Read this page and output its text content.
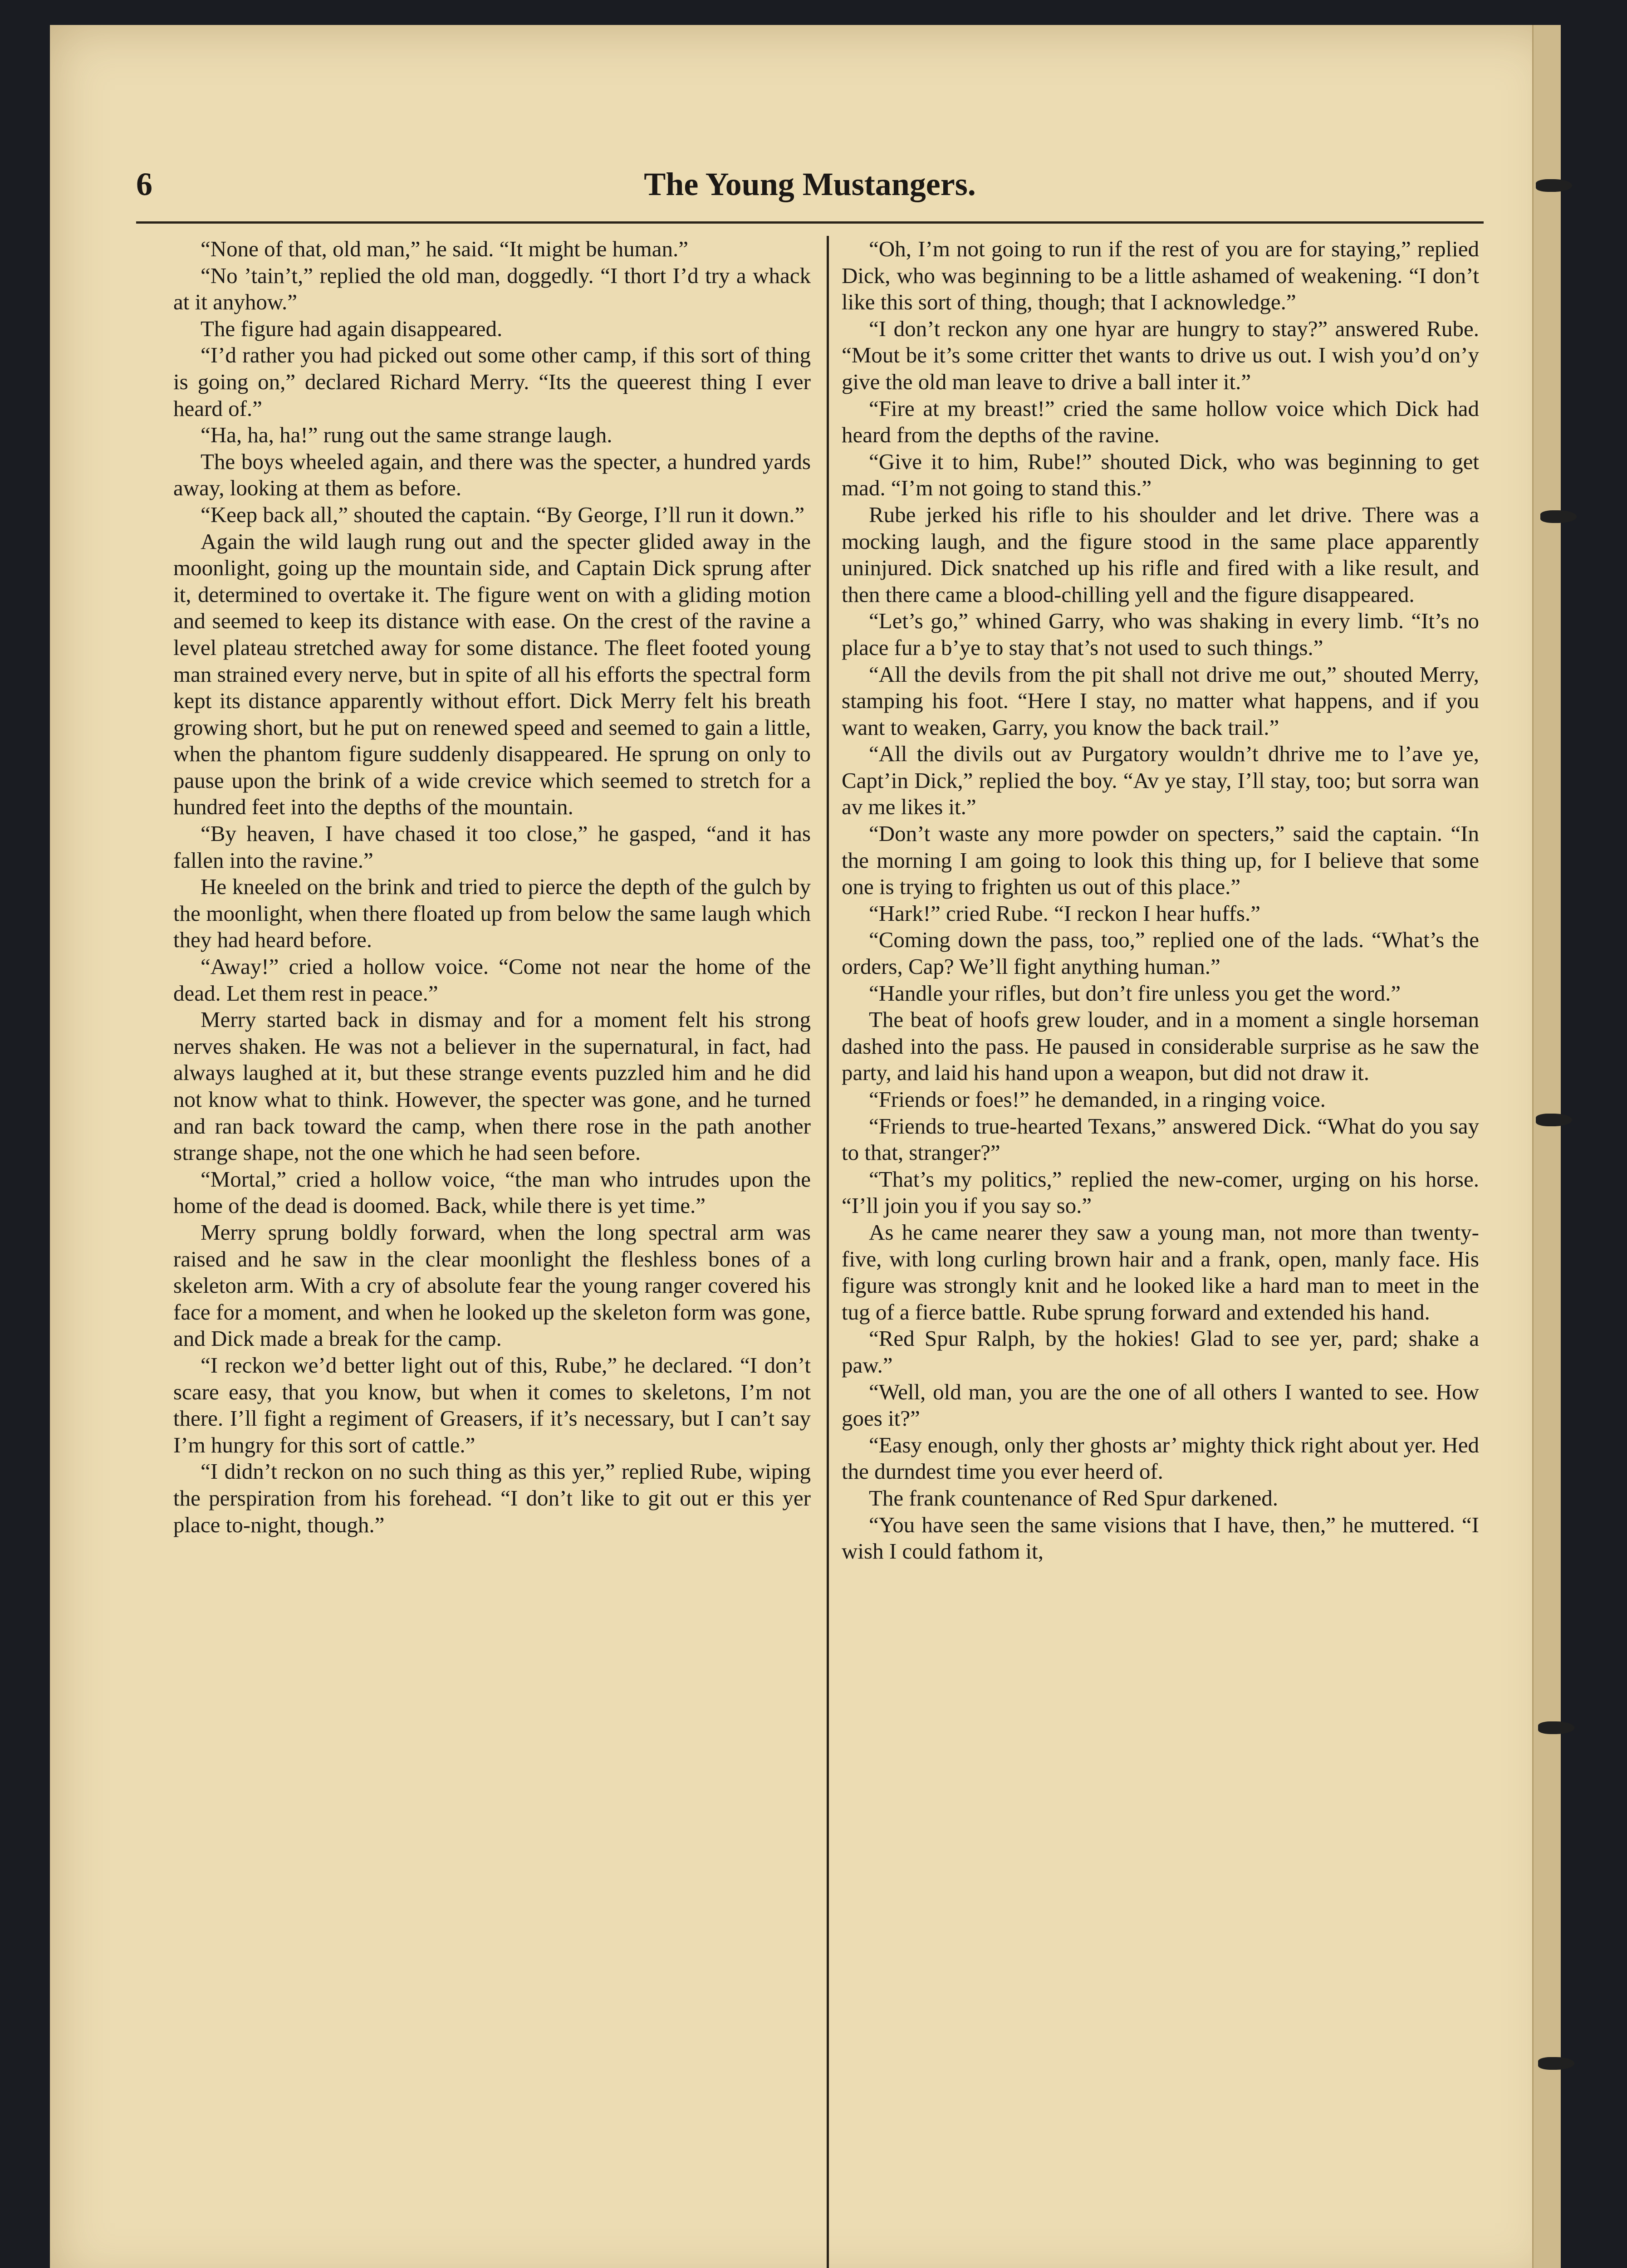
6	The Young Mustangers.

“None of that, old man,” he said. “It might be human.”

“No ’tain’t,” replied the old man, doggedly. “I thort I’d try a whack at it anyhow.”

The figure had again disappeared.

“I’d rather you had picked out some other camp, if this sort of thing is going on,” declared Richard Merry. “Its the queerest thing I ever heard of.”

“Ha, ha, ha!” rung out the same strange laugh.

The boys wheeled again, and there was the specter, a hundred yards away, looking at them as before.

“Keep back all,” shouted the captain. “By George, I’ll run it down.”

Again the wild laugh rung out and the specter glided away in the moonlight, going up the mountain side, and Captain Dick sprung after it, determined to overtake it. The figure went on with a gliding motion and seemed to keep its distance with ease. On the crest of the ravine a level plateau stretched away for some distance. The fleet footed young man strained every nerve, but in spite of all his efforts the spectral form kept its distance apparently without effort. Dick Merry felt his breath growing short, but he put on renewed speed and seemed to gain a little, when the phantom figure suddenly disappeared. He sprung on only to pause upon the brink of a wide crevice which seemed to stretch for a hundred feet into the depths of the mountain.

“By heaven, I have chased it too close,” he gasped, “and it has fallen into the ravine.”

He kneeled on the brink and tried to pierce the depth of the gulch by the moonlight, when there floated up from below the same laugh which they had heard before.

“Away!” cried a hollow voice. “Come not near the home of the dead. Let them rest in peace.”

Merry started back in dismay and for a moment felt his strong nerves shaken. He was not a believer in the supernatural, in fact, had always laughed at it, but these strange events puzzled him and he did not know what to think. However, the specter was gone, and he turned and ran back toward the camp, when there rose in the path another strange shape, not the one which he had seen before.

“Mortal,” cried a hollow voice, “the man who intrudes upon the home of the dead is doomed. Back, while there is yet time.”

Merry sprung boldly forward, when the long spectral arm was raised and he saw in the clear moonlight the fleshless bones of a skeleton arm. With a cry of absolute fear the young ranger covered his face for a moment, and when he looked up the skeleton form was gone, and Dick made a break for the camp.

“I reckon we’d better light out of this, Rube,” he declared. “I don’t scare easy, that you know, but when it comes to skeletons, I’m not there. I’ll fight a regiment of Greasers, if it’s necessary, but I can’t say I’m hungry for this sort of cattle.”

“I didn’t reckon on no such thing as this yer,” replied Rube, wiping the perspiration from his forehead. “I don’t like to git out er this yer place to-night, though.”

“Oh, I’m not going to run if the rest of you are for staying,” replied Dick, who was beginning to be a little ashamed of weakening. “I don’t like this sort of thing, though; that I acknowledge.”

“I don’t reckon any one hyar are hungry to stay?” answered Rube. “Mout be it’s some critter thet wants to drive us out. I wish you’d on’y give the old man leave to drive a ball inter it.”

“Fire at my breast!” cried the same hollow voice which Dick had heard from the depths of the ravine.

“Give it to him, Rube!” shouted Dick, who was beginning to get mad. “I’m not going to stand this.”

Rube jerked his rifle to his shoulder and let drive. There was a mocking laugh, and the figure stood in the same place apparently uninjured. Dick snatched up his rifle and fired with a like result, and then there came a blood-chilling yell and the figure disappeared.

“Let’s go,” whined Garry, who was shaking in every limb. “It’s no place fur a b’ye to stay that’s not used to such things.”

“All the devils from the pit shall not drive me out,” shouted Merry, stamping his foot. “Here I stay, no matter what happens, and if you want to weaken, Garry, you know the back trail.”

“All the divils out av Purgatory wouldn’t dhrive me to l’ave ye, Capt’in Dick,” replied the boy. “Av ye stay, I’ll stay, too; but sorra wan av me likes it.”

“Don’t waste any more powder on specters,” said the captain. “In the morning I am going to look this thing up, for I believe that some one is trying to frighten us out of this place.”

“Hark!” cried Rube. “I reckon I hear huffs.”

“Coming down the pass, too,” replied one of the lads. “What’s the orders, Cap? We’ll fight anything human.”

“Handle your rifles, but don’t fire unless you get the word.”

The beat of hoofs grew louder, and in a moment a single horseman dashed into the pass. He paused in considerable surprise as he saw the party, and laid his hand upon a weapon, but did not draw it.

“Friends or foes!” he demanded, in a ringing voice.

“Friends to true-hearted Texans,” answered Dick. “What do you say to that, stranger?”

“That’s my politics,” replied the new-comer, urging on his horse. “I’ll join you if you say so.”

As he came nearer they saw a young man, not more than twenty-five, with long curling brown hair and a frank, open, manly face. His figure was strongly knit and he looked like a hard man to meet in the tug of a fierce battle. Rube sprung forward and extended his hand.

“Red Spur Ralph, by the hokies! Glad to see yer, pard; shake a paw.”

“Well, old man, you are the one of all others I wanted to see. How goes it?”

“Easy enough, only ther ghosts ar’ mighty thick right about yer. Hed the durndest time you ever heerd of.

The frank countenance of Red Spur darkened.

“You have seen the same visions that I have, then,” he muttered. “I wish I could fathom it,
